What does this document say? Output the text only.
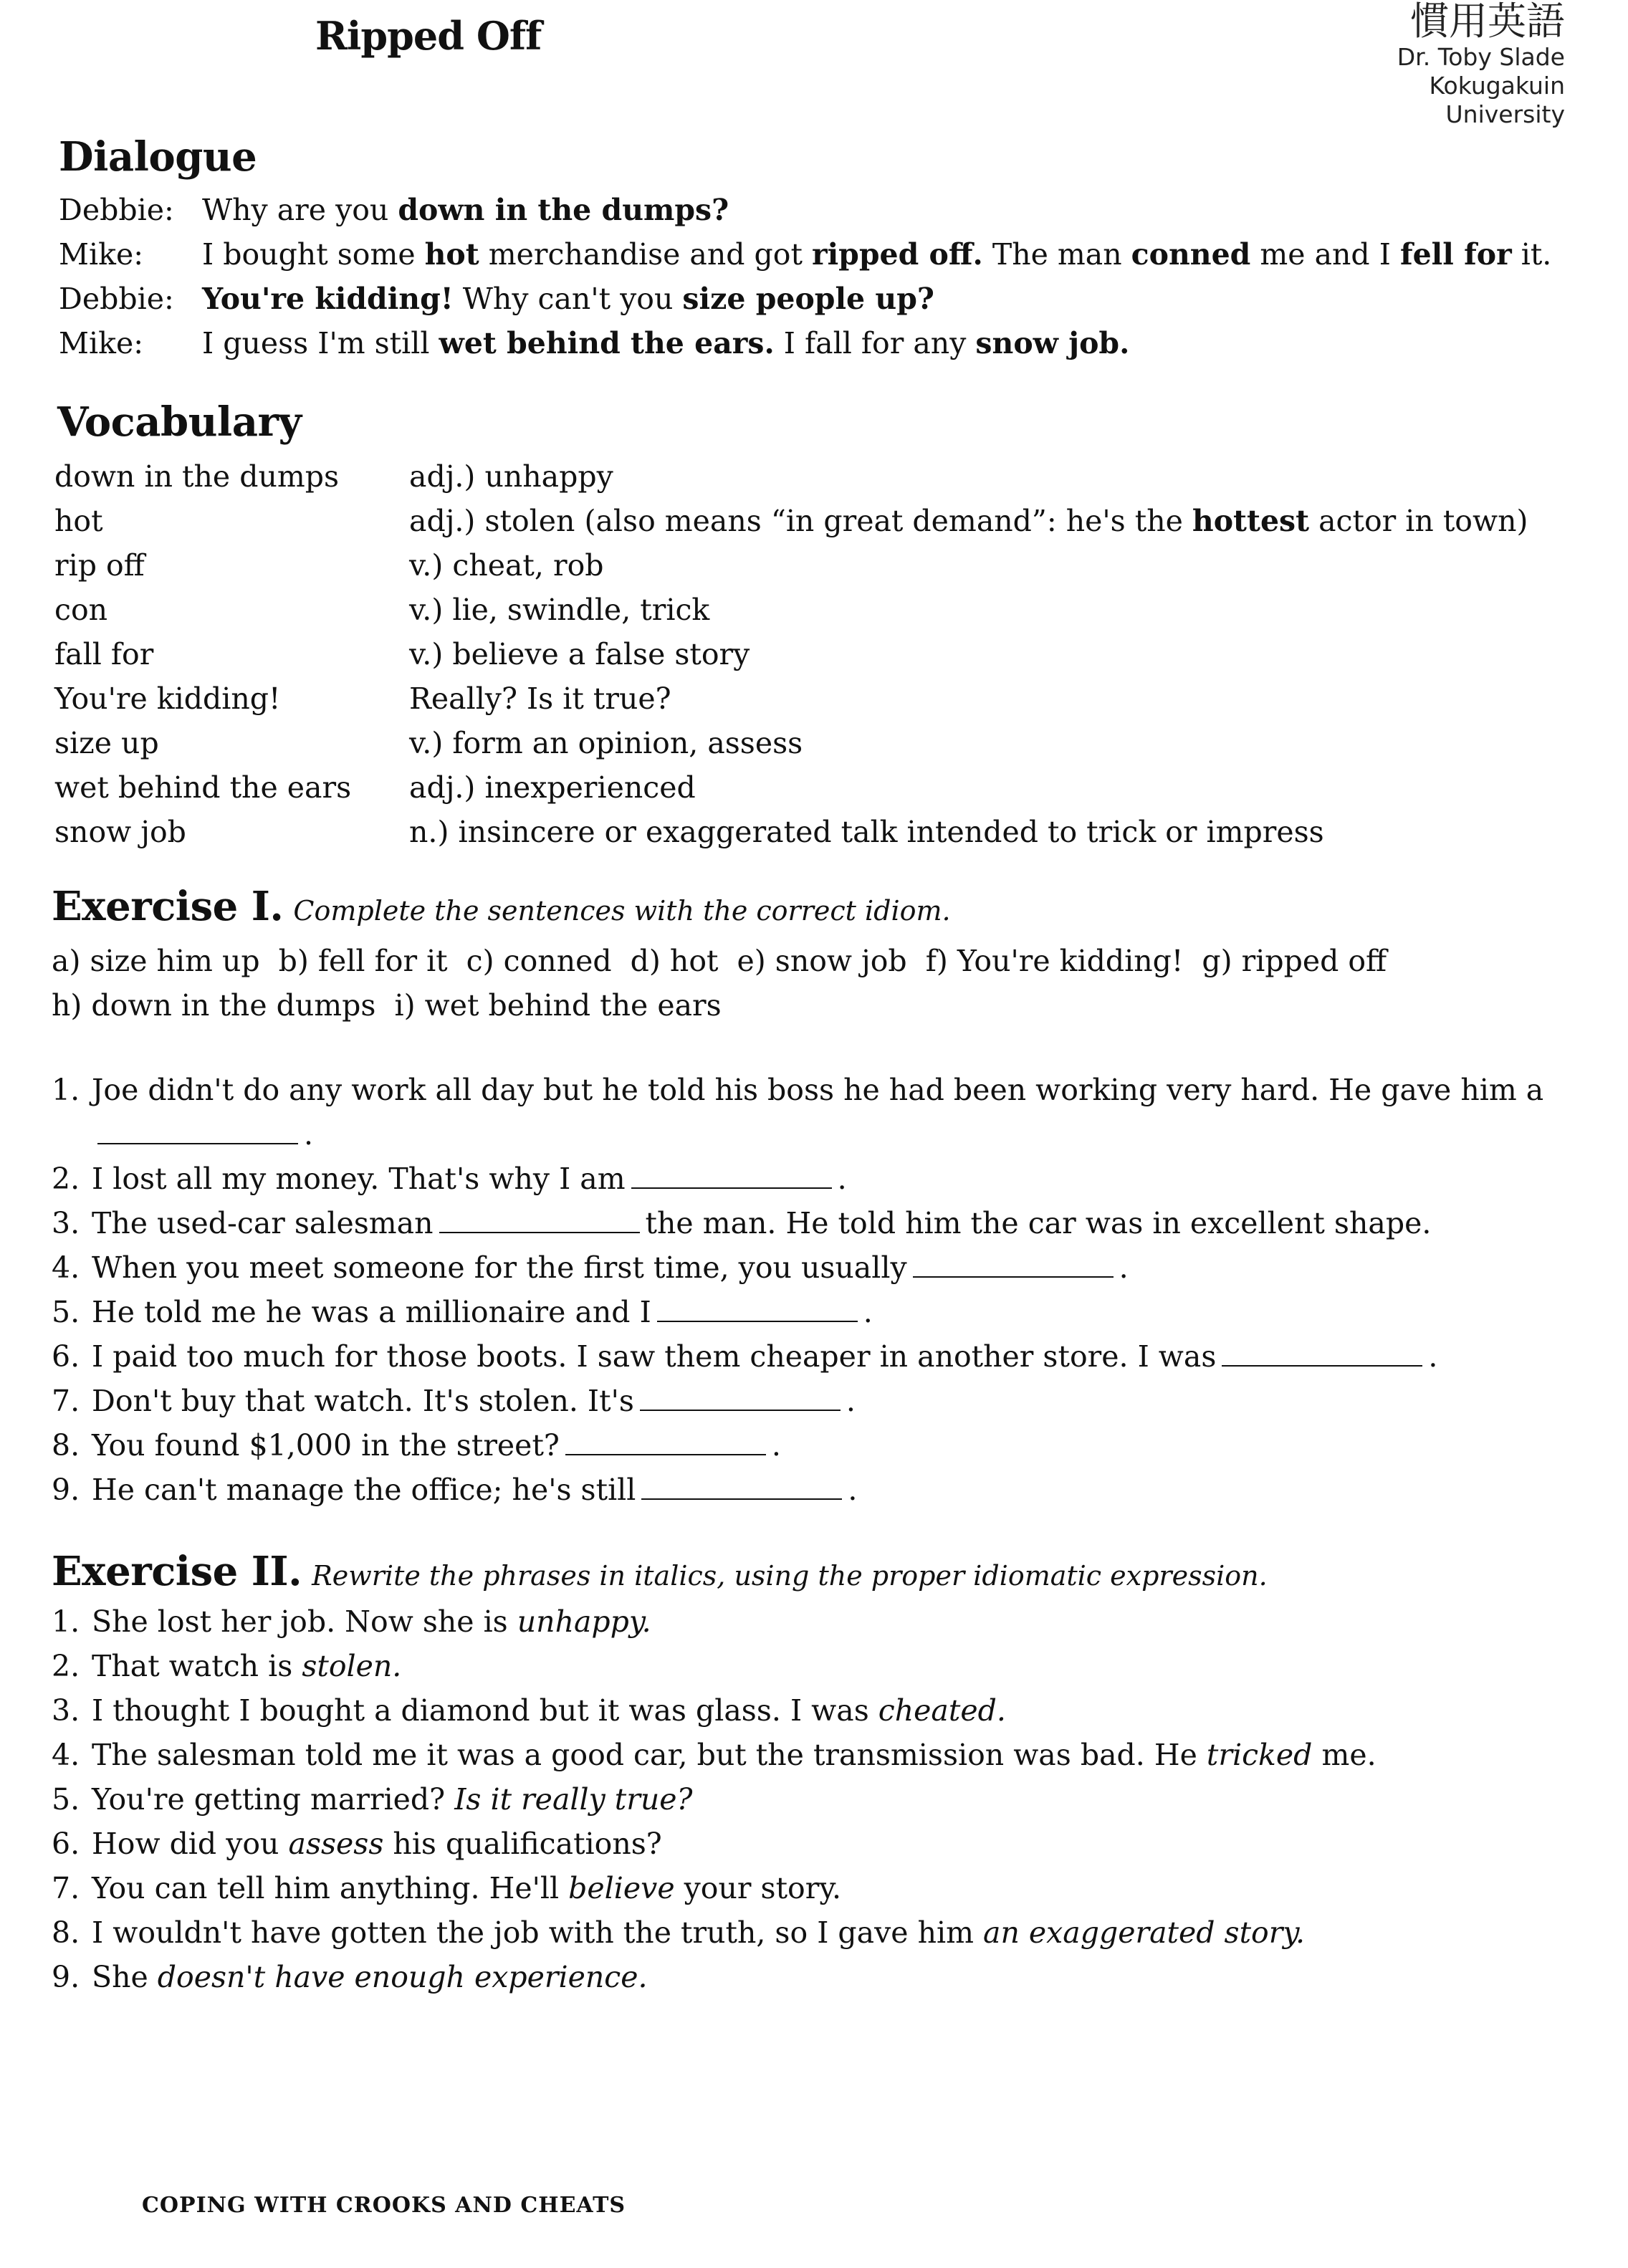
Ripped Off	慣用英語
Dr. Toby Slade
Kokugakuin
University
Dialogue
Debbie: Why are you down in the dumps?
Mike:	I bought some hot merchandise and got ripped off. The man conned me and I fell for it.
Debbie: You're kidding! Why can't you size people up?
Mike:	I guess I'm still wet behind the ears. I fall for any snow job.
Vocabulary
down in the dumps	adj.) unhappy
hot	adj.) stolen (also means “in great demand”: he's the hottest actor in town)
rip off	v.) cheat, rob
con	v.) lie, swindle, trick
fall for	v.) believe a false story
You're kidding!	Really? Is it true?
size up	v.) form an opinion, assess
wet behind the ears	adj.) inexperienced
snow job	n.) insincere or exaggerated talk intended to trick or impress
Exercise I. Complete the sentences with the correct idiom.
a) size him up b) fell for it c) conned d) hot e) snow job f) You're kidding! g) ripped offh) down in the dumps i) wet behind the ears
1. Joe didn't do any work all day but he told his boss he had been working very hard. He gave him a.
2. I lost all my money. That's why I am	.
3. The used-car salesman	the man. He told him the car was in excellent shape.
4. When you meet someone for the first time, you usually	.
5. He told me he was a millionaire and I	.
6. I paid too much for those boots. I saw them cheaper in another store. I was	.
7. Don't buy that watch. It's stolen. It's	.
8. You found $1,000 in the street?	.
9. He can't manage the office; he's still	.
Exercise II. Rewrite the phrases in italics, using the proper idiomatic expression.
1. She lost her job. Now she is unhappy.
2. That watch is stolen.
3. I thought I bought a diamond but it was glass. I was cheated.
4. The salesman told me it was a good car, but the transmission was bad. He tricked me.
5. You're getting married? Is it really true?
6. How did you assess his qualifications?
7. You can tell him anything. He'll believe your story.
8. I wouldn't have gotten the job with the truth, so I gave him an exaggerated story.
9. She doesn't have enough experience.

COPING WITH CROOKS AND CHEATS
